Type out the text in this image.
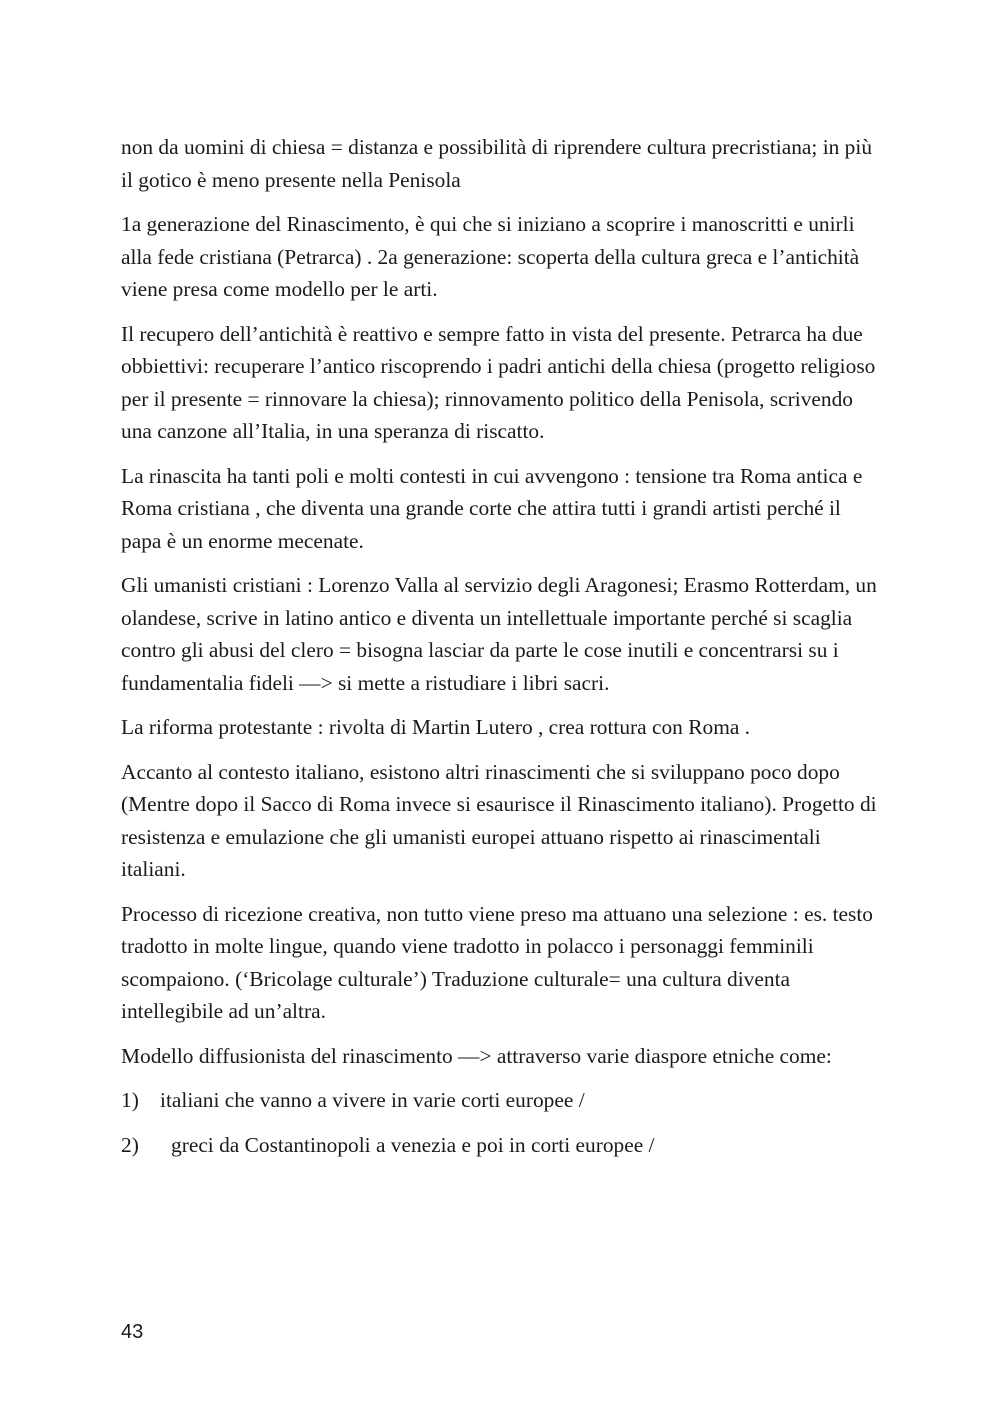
non da uomini di chiesa = distanza e possibilità di riprendere cultura precristiana; in più il gotico è meno presente nella Penisola

1a generazione del Rinascimento, è qui che si iniziano a scoprire i manoscritti e unirli alla fede cristiana (Petrarca) . 2a generazione: scoperta della cultura greca e l’antichità viene presa come modello per le arti.

Il recupero dell’antichità è reattivo e sempre fatto in vista del presente. Petrarca ha due obbiettivi: recuperare l’antico riscoprendo i padri antichi della chiesa (progetto religioso per il presente = rinnovare la chiesa); rinnovamento politico della Penisola, scrivendo una canzone all’Italia, in una speranza di riscatto.

La rinascita ha tanti poli e molti contesti in cui avvengono : tensione tra Roma antica e Roma cristiana , che diventa una grande corte che attira tutti i grandi artisti perché il papa è un enorme mecenate.

Gli umanisti cristiani : Lorenzo Valla al servizio degli Aragonesi; Erasmo Rotterdam, un olandese, scrive in latino antico e diventa un intellettuale importante perché si scaglia contro gli abusi del clero = bisogna lasciar da parte le cose inutili e concentrarsi su i fundamentalia fideli —> si mette a ristudiare i libri sacri.

La riforma protestante : rivolta di Martin Lutero , crea rottura con Roma .

Accanto al contesto italiano, esistono altri rinascimenti che si sviluppano poco dopo (Mentre dopo il Sacco di Roma invece si esaurisce il Rinascimento italiano). Progetto di resistenza e emulazione che gli umanisti europei attuano rispetto ai rinascimentali italiani.

Processo di ricezione creativa, non tutto viene preso ma attuano una selezione : es. testo tradotto in molte lingue, quando viene tradotto in polacco i personaggi femminili scompaiono. (‘Bricolage culturale’) Traduzione culturale= una cultura diventa intellegibile ad un’altra.

Modello diffusionista del rinascimento —> attraverso varie diaspore etniche come:

1) italiani che vanno a vivere in varie corti europee /
2)	greci da Costantinopoli a venezia e poi in corti europee /
43
